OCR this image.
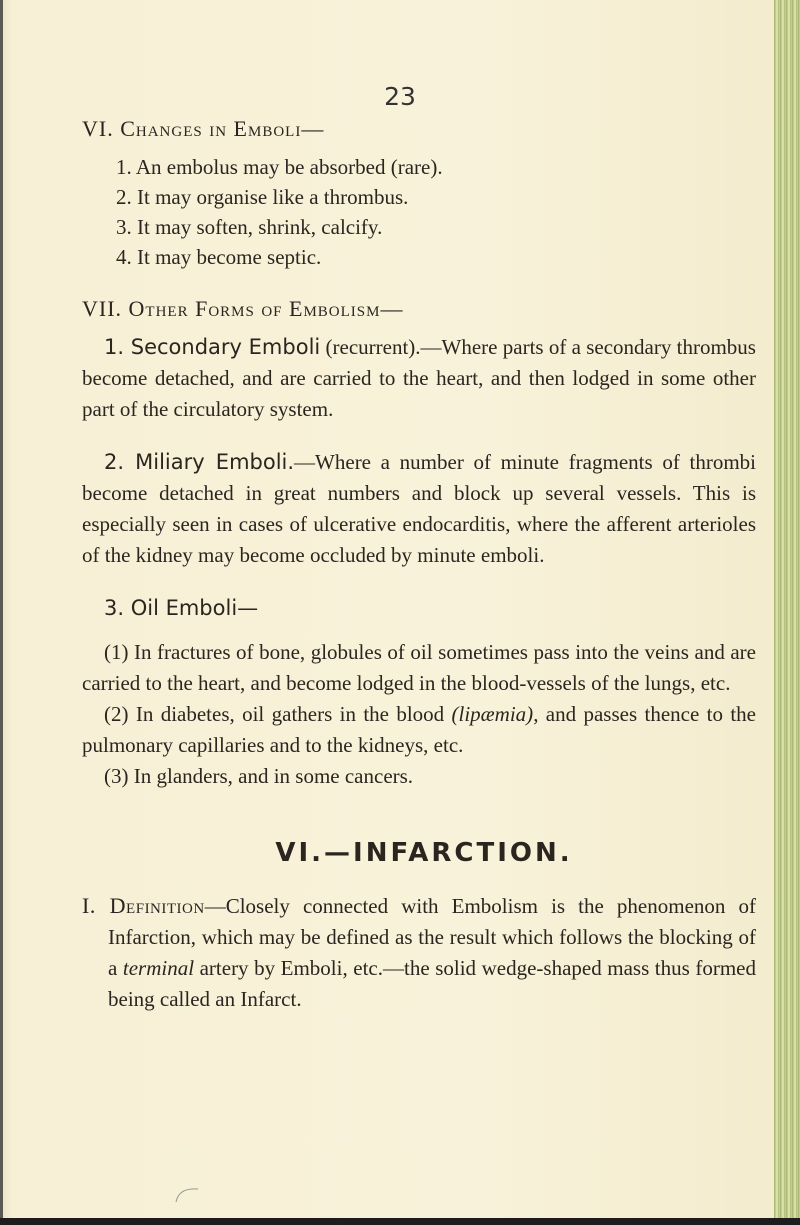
23

VI. Changes in Emboli—

1. An embolus may be absorbed (rare).

2. It may organise like a thrombus.

3. It may soften, shrink, calcify.

4. It may become septic.

VII. Other Forms of Embolism—

1. Secondary Emboli (recurrent).—Where parts of a secondary thrombus become detached, and are carried to the heart, and then lodged in some other part of the circulatory system.

2. Miliary Emboli.—Where a number of minute fragments of thrombi become detached in great numbers and block up several vessels. This is especially seen in cases of ulcerative endocarditis, where the afferent arterioles of the kidney may become occluded by minute emboli.

3. Oil Emboli—

(1) In fractures of bone, globules of oil sometimes pass into the veins and are carried to the heart, and become lodged in the blood-vessels of the lungs, etc.

(2) In diabetes, oil gathers in the blood (lipæmia), and passes thence to the pulmonary capillaries and to the kidneys, etc.

(3) In glanders, and in some cancers.

VI.—INFARCTION.

I. Definition—Closely connected with Embolism is the phenomenon of Infarction, which may be defined as the result which follows the blocking of a terminal artery by Emboli, etc.—the solid wedge-shaped mass thus formed being called an Infarct.
